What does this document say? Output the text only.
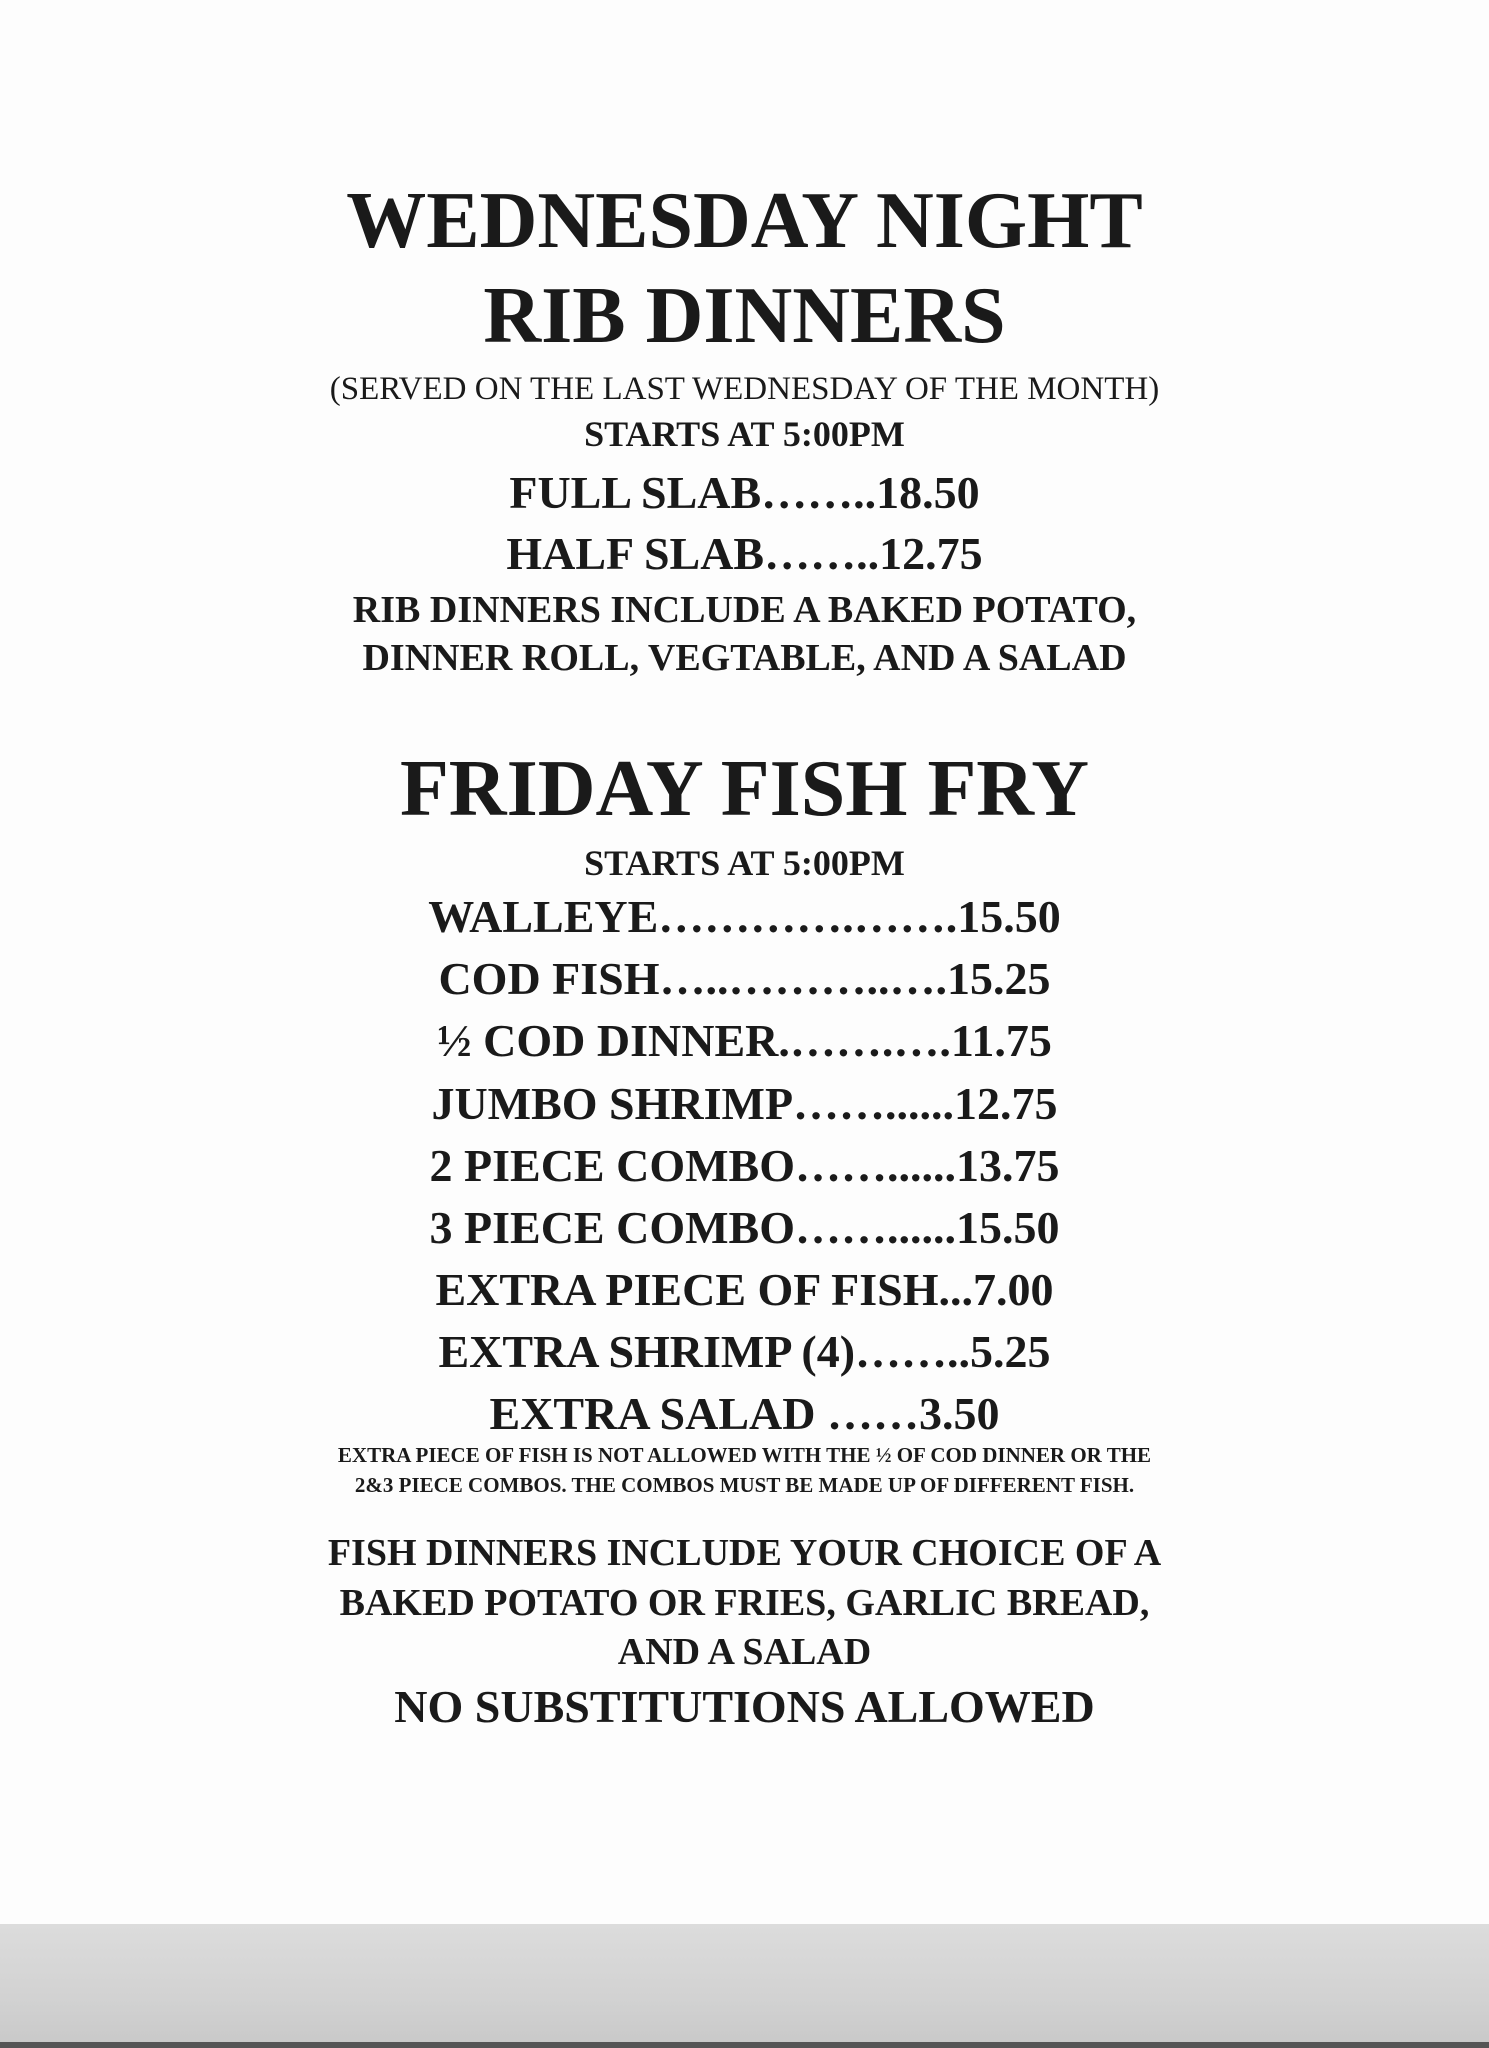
WEDNESDAY NIGHT
RIB DINNERS
(SERVED ON THE LAST WEDNESDAY OF THE MONTH)
STARTS AT 5:00PM
FULL SLAB……..18.50
HALF SLAB……..12.75
RIB DINNERS INCLUDE A BAKED POTATO,
DINNER ROLL, VEGTABLE, AND A SALAD
FRIDAY FISH FRY
STARTS AT 5:00PM
WALLEYE………….…….15.50
COD FISH…..………..….15.25
½ COD DINNER.…….….11.75
JUMBO SHRIMP……......12.75
2 PIECE COMBO……......13.75
3 PIECE COMBO……......15.50
EXTRA PIECE OF FISH...7.00
EXTRA SHRIMP (4)……..5.25
EXTRA SALAD ……3.50
EXTRA PIECE OF FISH IS NOT ALLOWED WITH THE ½ OF COD DINNER OR THE
2&3 PIECE COMBOS. THE COMBOS MUST BE MADE UP OF DIFFERENT FISH.
FISH DINNERS INCLUDE YOUR CHOICE OF A
BAKED POTATO OR FRIES, GARLIC BREAD,
AND A SALAD
NO SUBSTITUTIONS ALLOWED
